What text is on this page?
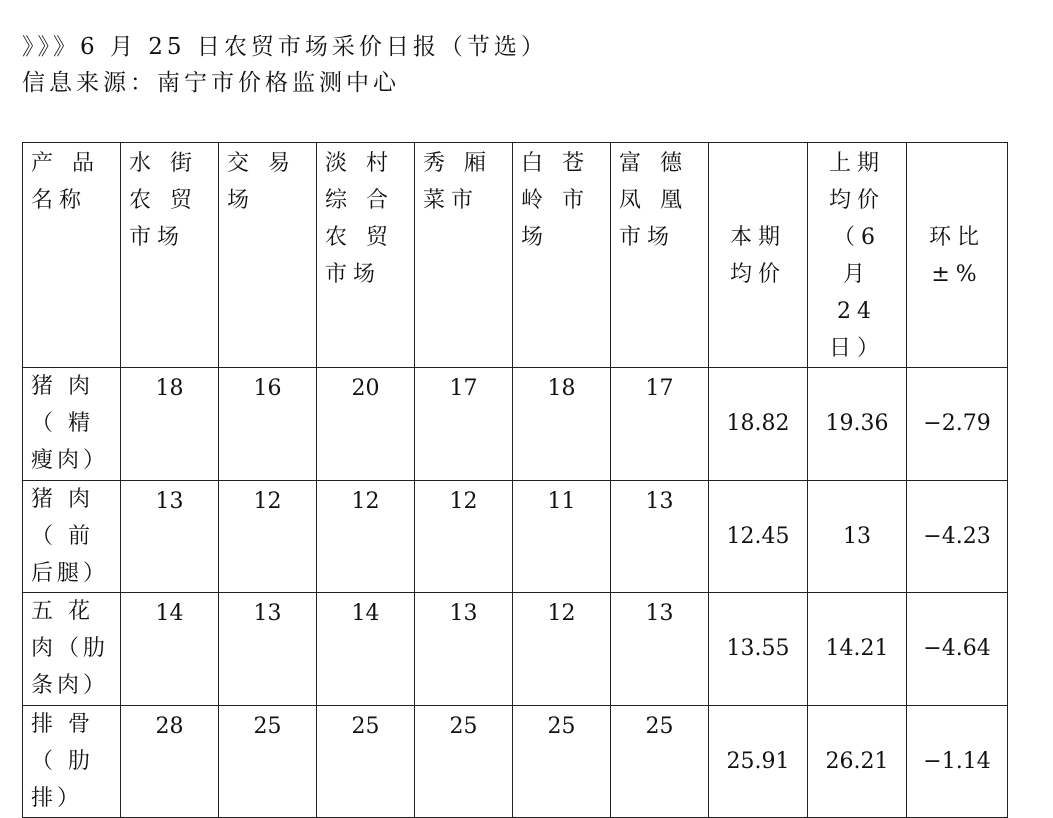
》》》6 月 25 日农贸市场采价日报（节选）
信息来源：南宁市价格监测中心
产 品
名称	水 街
农 贸
市场	交 易
场	淡 村
综 合
农 贸
市场	秀 厢
菜市	白 苍
岭 市
场	富 德
凤 凰
市场	本期
均价	上期
均价
（6 月
24 日）	环比
±%
猪 肉
（ 精
瘦肉）	18	16	20	17	18	17	18.82	19.36	−2.79
猪 肉
（ 前
后腿）	13	12	12	12	11	13	12.45	13	−4.23
五 花
肉（肋
条肉）	14	13	14	13	12	13	13.55	14.21	−4.64
排 骨
（ 肋
排）	28	25	25	25	25	25	25.91	26.21	−1.14
